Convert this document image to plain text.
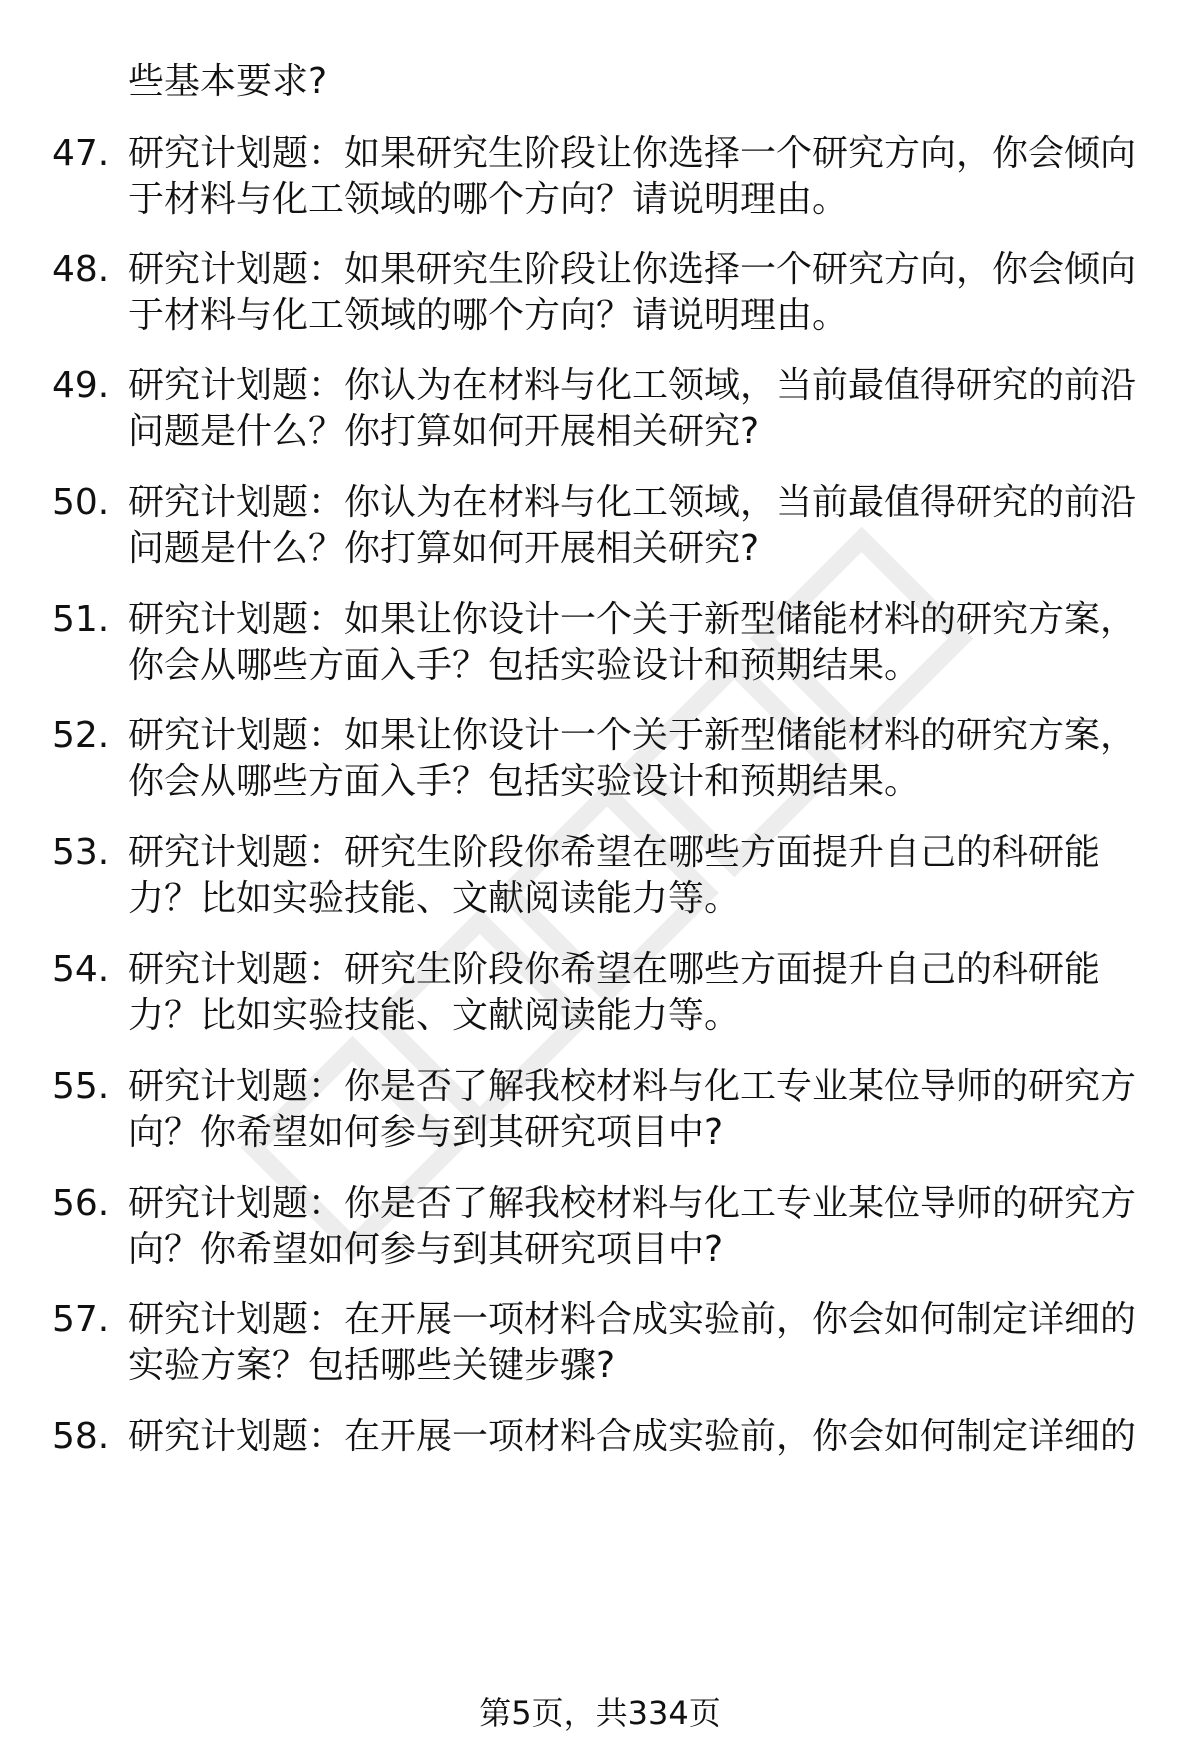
些基本要求?
47. 研究计划题：如果研究生阶段让你选择一个研究方向，你会倾向
于材料与化工领域的哪个方向？请说明理由。
48. 研究计划题：如果研究生阶段让你选择一个研究方向，你会倾向
于材料与化工领域的哪个方向？请说明理由。
49. 研究计划题：你认为在材料与化工领域，当前最值得研究的前沿
问题是什么？你打算如何开展相关研究?
50. 研究计划题：你认为在材料与化工领域，当前最值得研究的前沿
问题是什么？你打算如何开展相关研究?
51. 研究计划题：如果让你设计一个关于新型储能材料的研究方案，
你会从哪些方面入手？包括实验设计和预期结果。
52. 研究计划题：如果让你设计一个关于新型储能材料的研究方案，
你会从哪些方面入手？包括实验设计和预期结果。
53. 研究计划题：研究生阶段你希望在哪些方面提升自己的科研能
力？比如实验技能、文献阅读能力等。
54. 研究计划题：研究生阶段你希望在哪些方面提升自己的科研能
力？比如实验技能、文献阅读能力等。
55. 研究计划题：你是否了解我校材料与化工专业某位导师的研究方
向？你希望如何参与到其研究项目中?
56. 研究计划题：你是否了解我校材料与化工专业某位导师的研究方
向？你希望如何参与到其研究项目中?
57. 研究计划题：在开展一项材料合成实验前，你会如何制定详细的
实验方案？包括哪些关键步骤?
58. 研究计划题：在开展一项材料合成实验前，你会如何制定详细的
第5页，共334页
